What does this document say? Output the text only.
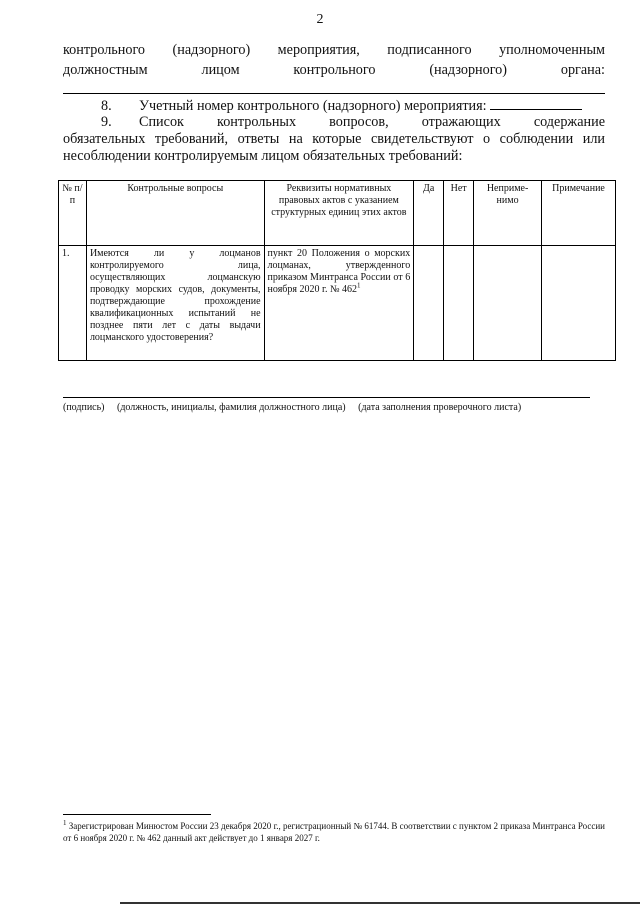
2
контрольного (надзорного) мероприятия, подписанного уполномоченным
должностным лицом контрольного (надзорного) органа:
8. Учетный номер контрольного (надзорного) мероприятия:
9.	Список контрольных вопросов, отражающих содержание
обязательных требований, ответы на которые свидетельствуют о соблюдении или
несоблюдении контролируемым лицом обязательных требований:
№ п/п	Контрольные вопросы	Реквизиты нормативных правовых актов с указанием структурных единиц этих актов	Да	Нет	Неприме-нимо	Примечание
1.	Имеются ли у лоцманов контролируемого лица, осуществляющих лоцманскую проводку морских судов, документы, подтверждающие прохождение квалификационных испытаний не позднее пяти лет с даты выдачи лоцманского удостоверения?	пункт 20 Положения о морских лоцманах, утвержденного приказом Минтранса России от 6 ноября 2020 г. № $462^1$				
(подпись) (должность, инициалы, фамилия должностного лица) (дата заполнения проверочного листа)
$^1$ Зарегистрирован Минюстом России 23 декабря 2020 г., регистрационный № 61744. В соответствии с пунктом 2 приказа Минтранса России от 6 ноября 2020 г. № 462 данный акт действует до 1 января 2027 г.
